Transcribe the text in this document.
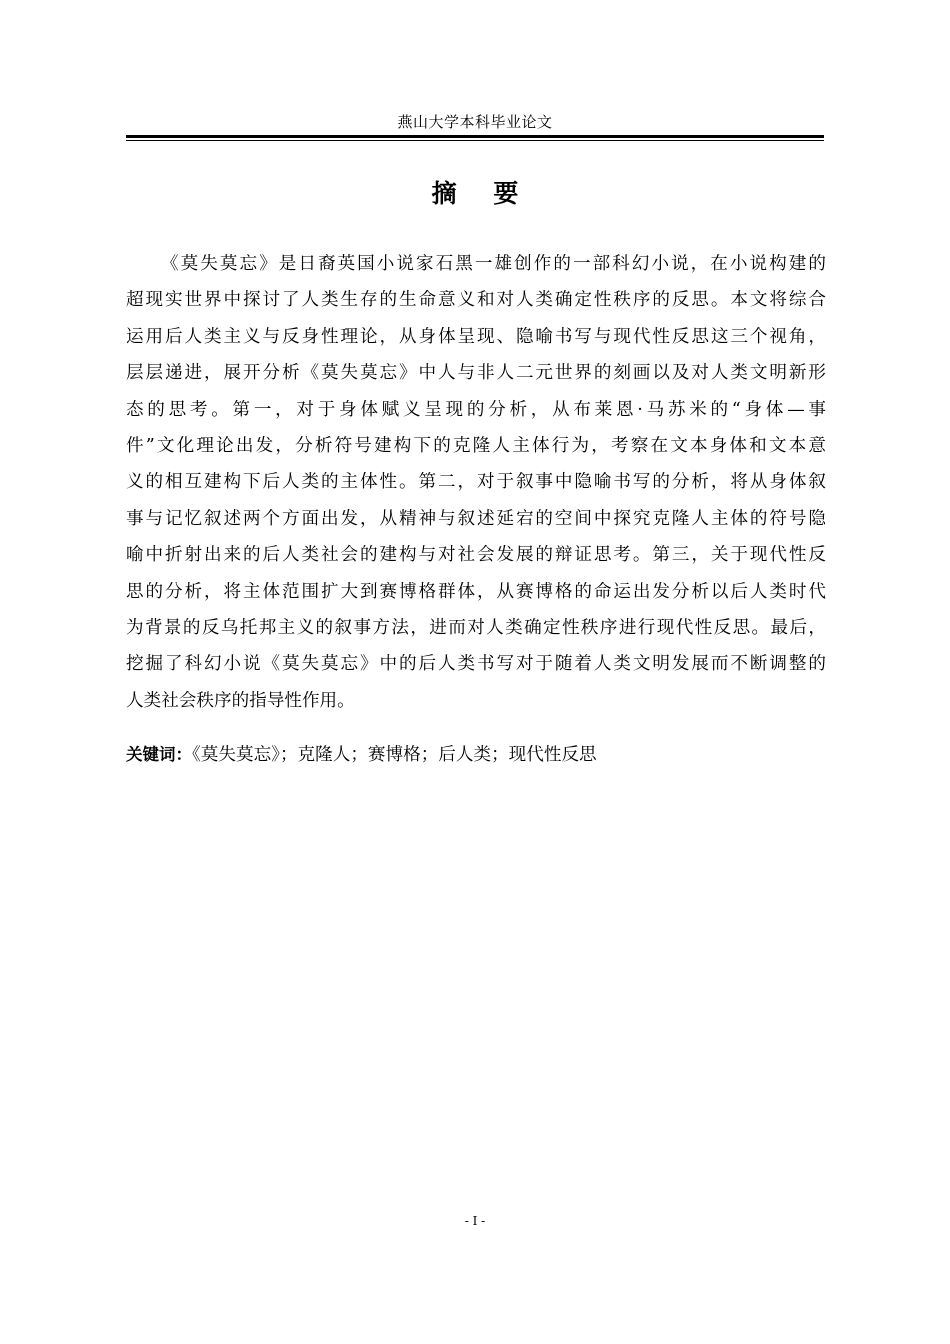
燕山大学本科毕业论文
摘 要
《莫失莫忘》是日裔英国小说家石黑一雄创作的一部科幻小说，在小说构建的
超现实世界中探讨了人类生存的生命意义和对人类确定性秩序的反思。本文将综合
运用后人类主义与反身性理论，从身体呈现、隐喻书写与现代性反思这三个视角，
层层递进，展开分析《莫失莫忘》中人与非人二元世界的刻画以及对人类文明新形
态的思考。第一，对于身体赋义呈现的分析，从布莱恩·马苏米的“身体—事
件”文化理论出发，分析符号建构下的克隆人主体行为，考察在文本身体和文本意
义的相互建构下后人类的主体性。第二，对于叙事中隐喻书写的分析，将从身体叙
事与记忆叙述两个方面出发，从精神与叙述延宕的空间中探究克隆人主体的符号隐
喻中折射出来的后人类社会的建构与对社会发展的辩证思考。第三，关于现代性反
思的分析，将主体范围扩大到赛博格群体，从赛博格的命运出发分析以后人类时代
为背景的反乌托邦主义的叙事方法，进而对人类确定性秩序进行现代性反思。最后，
挖掘了科幻小说《莫失莫忘》中的后人类书写对于随着人类文明发展而不断调整的
人类社会秩序的指导性作用。
关键词：《莫失莫忘》；克隆人；赛博格；后人类；现代性反思
- I -
